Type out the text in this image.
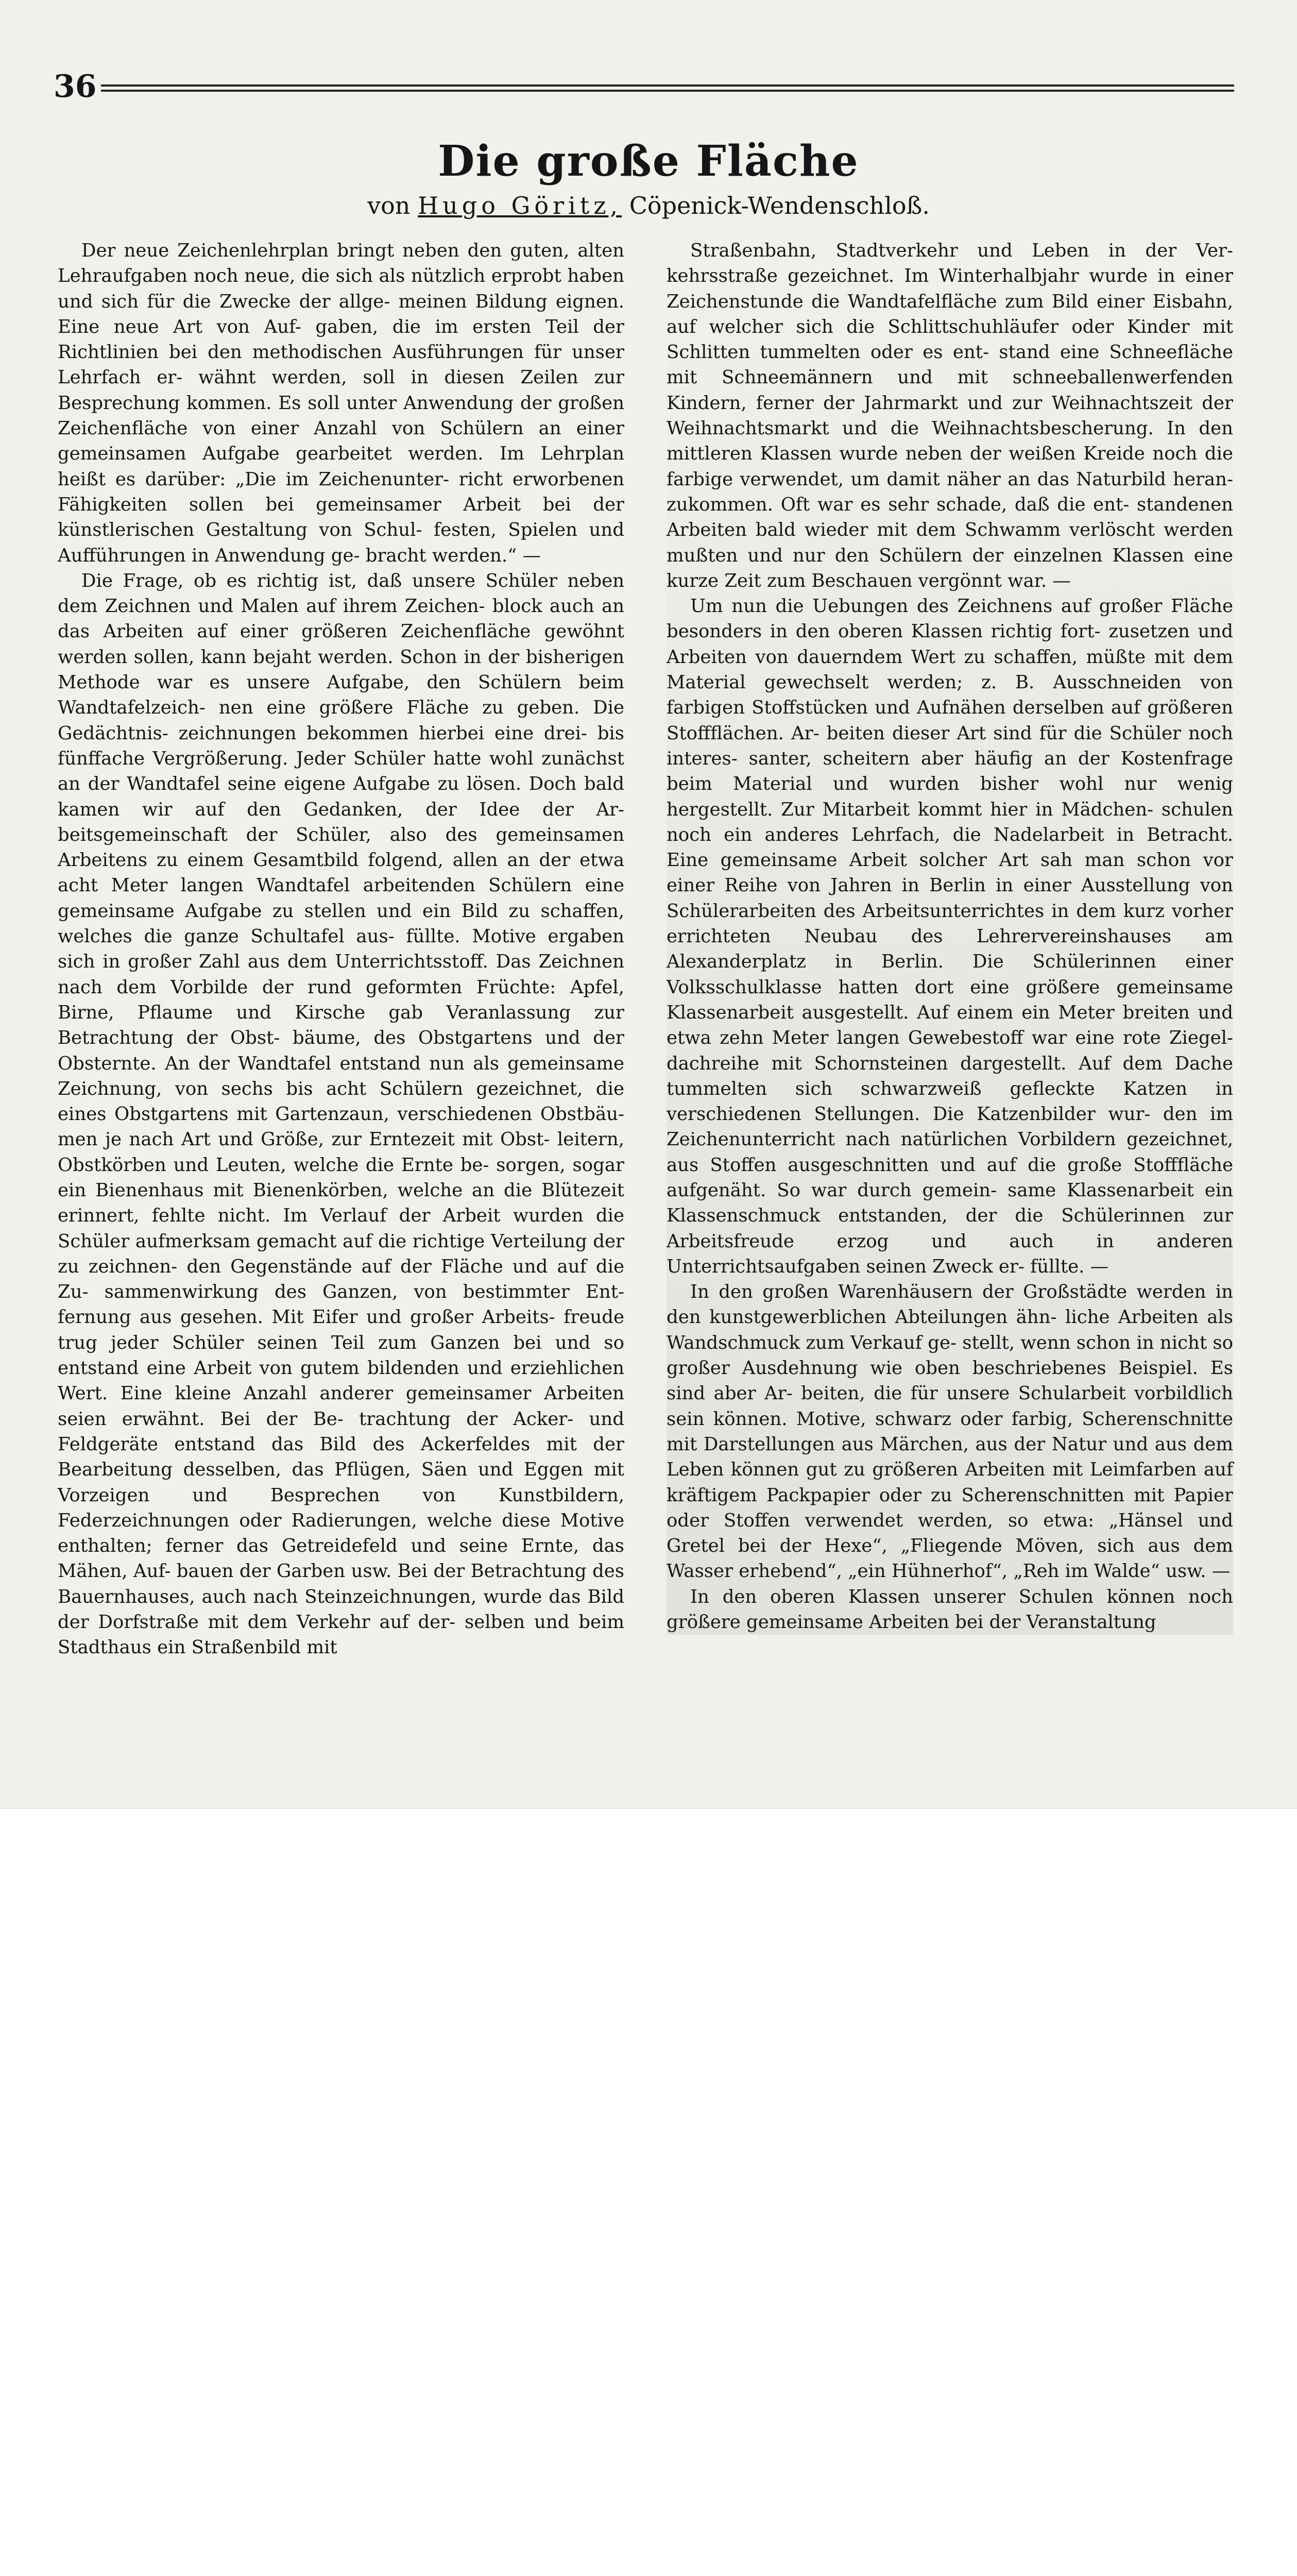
36
Die große Fläche
von Hugo Göritz, Cöpenick-Wendenschloß.

Der neue Zeichenlehrplan bringt neben den guten, alten Lehraufgaben noch neue, die sich als nützlich erprobt haben und sich für die Zwecke der allge- meinen Bildung eignen. Eine neue Art von Auf- gaben, die im ersten Teil der Richtlinien bei den methodischen Ausführungen für unser Lehrfach er- wähnt werden, soll in diesen Zeilen zur Besprechung kommen. Es soll unter Anwendung der großen Zeichenfläche von einer Anzahl von Schülern an einer gemeinsamen Aufgabe gearbeitet werden. Im Lehrplan heißt es darüber: „Die im Zeichenunter- richt erworbenen Fähigkeiten sollen bei gemeinsamer Arbeit bei der künstlerischen Gestaltung von Schul- festen, Spielen und Aufführungen in Anwendung ge- bracht werden.“ —

Die Frage, ob es richtig ist, daß unsere Schüler neben dem Zeichnen und Malen auf ihrem Zeichen- block auch an das Arbeiten auf einer größeren Zeichenfläche gewöhnt werden sollen, kann bejaht werden. Schon in der bisherigen Methode war es unsere Aufgabe, den Schülern beim Wandtafelzeich- nen eine größere Fläche zu geben. Die Gedächtnis- zeichnungen bekommen hierbei eine drei- bis fünffache Vergrößerung. Jeder Schüler hatte wohl zunächst an der Wandtafel seine eigene Aufgabe zu lösen. Doch bald kamen wir auf den Gedanken, der Idee der Ar- beitsgemeinschaft der Schüler, also des gemeinsamen Arbeitens zu einem Gesamtbild folgend, allen an der etwa acht Meter langen Wandtafel arbeitenden Schülern eine gemeinsame Aufgabe zu stellen und ein Bild zu schaffen, welches die ganze Schultafel aus- füllte. Motive ergaben sich in großer Zahl aus dem Unterrichtsstoff. Das Zeichnen nach dem Vorbilde der rund geformten Früchte: Apfel, Birne, Pflaume und Kirsche gab Veranlassung zur Betrachtung der Obst- bäume, des Obstgartens und der Obsternte. An der Wandtafel entstand nun als gemeinsame Zeichnung, von sechs bis acht Schülern gezeichnet, die eines Obstgartens mit Gartenzaun, verschiedenen Obstbäu- men je nach Art und Größe, zur Erntezeit mit Obst- leitern, Obstkörben und Leuten, welche die Ernte be- sorgen, sogar ein Bienenhaus mit Bienenkörben, welche an die Blütezeit erinnert, fehlte nicht. Im Verlauf der Arbeit wurden die Schüler aufmerksam gemacht auf die richtige Verteilung der zu zeichnen- den Gegenstände auf der Fläche und auf die Zu- sammenwirkung des Ganzen, von bestimmter Ent- fernung aus gesehen. Mit Eifer und großer Arbeits- freude trug jeder Schüler seinen Teil zum Ganzen bei und so entstand eine Arbeit von gutem bildenden und erziehlichen Wert. Eine kleine Anzahl anderer gemeinsamer Arbeiten seien erwähnt. Bei der Be- trachtung der Acker- und Feldgeräte entstand das Bild des Ackerfeldes mit der Bearbeitung desselben, das Pflügen, Säen und Eggen mit Vorzeigen und Besprechen von Kunstbildern, Federzeichnungen oder Radierungen, welche diese Motive enthalten; ferner das Getreidefeld und seine Ernte, das Mähen, Auf- bauen der Garben usw. Bei der Betrachtung des Bauernhauses, auch nach Steinzeichnungen, wurde das Bild der Dorfstraße mit dem Verkehr auf der- selben und beim Stadthaus ein Straßenbild mit

Straßenbahn, Stadtverkehr und Leben in der Ver- kehrsstraße gezeichnet. Im Winterhalbjahr wurde in einer Zeichenstunde die Wandtafelfläche zum Bild einer Eisbahn, auf welcher sich die Schlittschuhläufer oder Kinder mit Schlitten tummelten oder es ent- stand eine Schneefläche mit Schneemännern und mit schneeballenwerfenden Kindern, ferner der Jahrmarkt und zur Weihnachtszeit der Weihnachtsmarkt und die Weihnachtsbescherung. In den mittleren Klassen wurde neben der weißen Kreide noch die farbige verwendet, um damit näher an das Naturbild heran- zukommen. Oft war es sehr schade, daß die ent- standenen Arbeiten bald wieder mit dem Schwamm verlöscht werden mußten und nur den Schülern der einzelnen Klassen eine kurze Zeit zum Beschauen vergönnt war. —

Um nun die Uebungen des Zeichnens auf großer Fläche besonders in den oberen Klassen richtig fort- zusetzen und Arbeiten von dauerndem Wert zu schaffen, müßte mit dem Material gewechselt werden; z. B. Ausschneiden von farbigen Stoffstücken und Aufnähen derselben auf größeren Stoffflächen. Ar- beiten dieser Art sind für die Schüler noch interes- santer, scheitern aber häufig an der Kostenfrage beim Material und wurden bisher wohl nur wenig hergestellt. Zur Mitarbeit kommt hier in Mädchen- schulen noch ein anderes Lehrfach, die Nadelarbeit in Betracht. Eine gemeinsame Arbeit solcher Art sah man schon vor einer Reihe von Jahren in Berlin in einer Ausstellung von Schülerarbeiten des Arbeitsunterrichtes in dem kurz vorher errichteten Neubau des Lehrervereinshauses am Alexanderplatz in Berlin. Die Schülerinnen einer Volksschulklasse hatten dort eine größere gemeinsame Klassenarbeit ausgestellt. Auf einem ein Meter breiten und etwa zehn Meter langen Gewebestoff war eine rote Ziegel- dachreihe mit Schornsteinen dargestellt. Auf dem Dache tummelten sich schwarzweiß gefleckte Katzen in verschiedenen Stellungen. Die Katzenbilder wur- den im Zeichenunterricht nach natürlichen Vorbildern gezeichnet, aus Stoffen ausgeschnitten und auf die große Stofffläche aufgenäht. So war durch gemein- same Klassenarbeit ein Klassenschmuck entstanden, der die Schülerinnen zur Arbeitsfreude erzog und auch in anderen Unterrichtsaufgaben seinen Zweck er- füllte. —

In den großen Warenhäusern der Großstädte werden in den kunstgewerblichen Abteilungen ähn- liche Arbeiten als Wandschmuck zum Verkauf ge- stellt, wenn schon in nicht so großer Ausdehnung wie oben beschriebenes Beispiel. Es sind aber Ar- beiten, die für unsere Schularbeit vorbildlich sein können. Motive, schwarz oder farbig, Scherenschnitte mit Darstellungen aus Märchen, aus der Natur und aus dem Leben können gut zu größeren Arbeiten mit Leimfarben auf kräftigem Packpapier oder zu Scherenschnitten mit Papier oder Stoffen verwendet werden, so etwa: „Hänsel und Gretel bei der Hexe“, „Fliegende Möven, sich aus dem Wasser erhebend“, „ein Hühnerhof“, „Reh im Walde“ usw. —

In den oberen Klassen unserer Schulen können noch größere gemeinsame Arbeiten bei der Veranstaltung
